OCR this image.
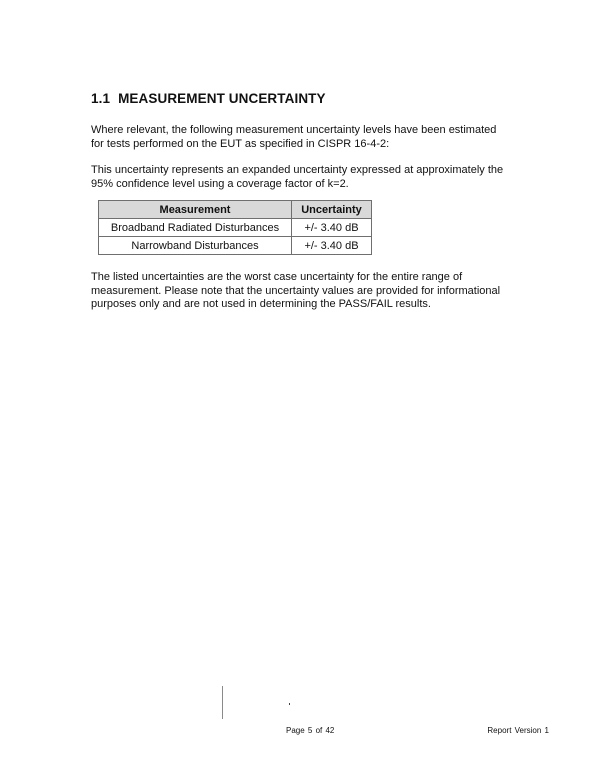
1.1 MEASUREMENT UNCERTAINTY

Where relevant, the following measurement uncertainty levels have been estimated
for tests performed on the EUT as specified in CISPR 16-4-2:

This uncertainty represents an expanded uncertainty expressed at approximately the
95% confidence level using a coverage factor of k=2.

Measurement	Uncertainty
Broadband Radiated Disturbances	+/- 3.40 dB
Narrowband Disturbances	+/- 3.40 dB

The listed uncertainties are the worst case uncertainty for the entire range of
measurement. Please note that the uncertainty values are provided for informational
purposes only and are not used in determining the PASS/FAIL results.

Page 5 of 42	Report Version 1
